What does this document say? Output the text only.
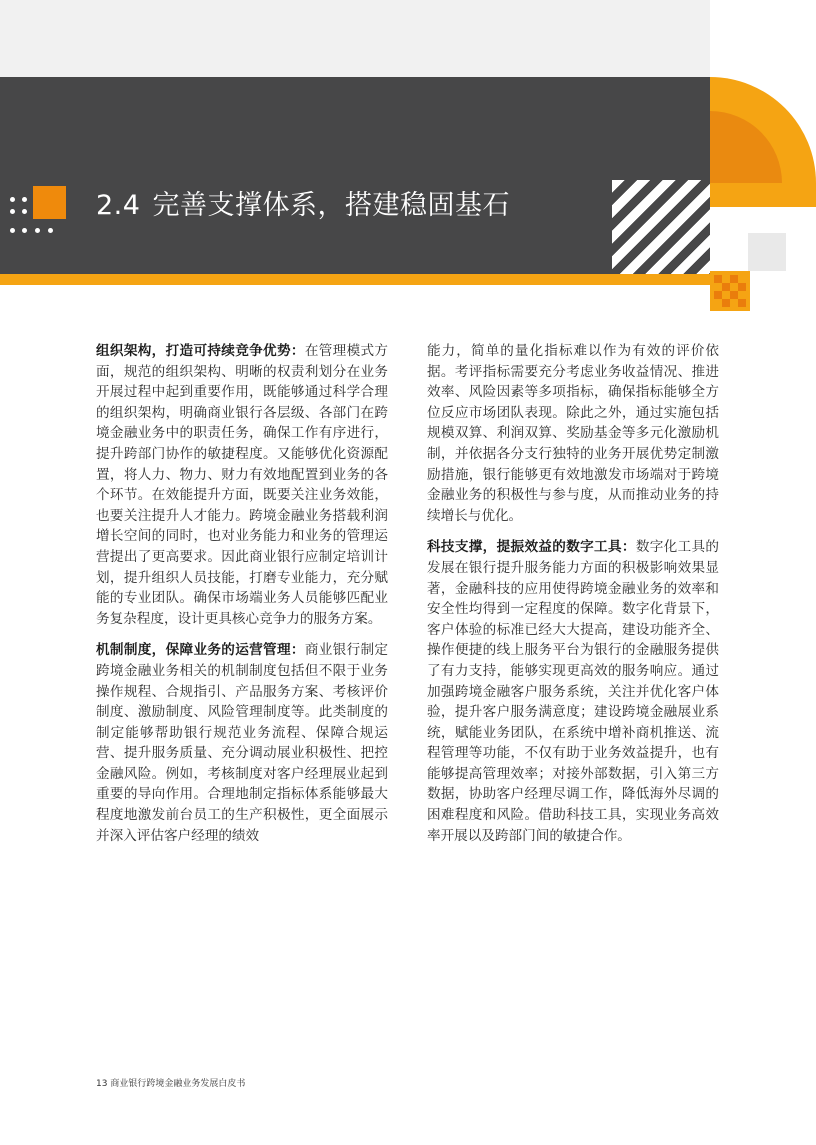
2.4 完善支撑体系，搭建稳固基石

组织架构，打造可持续竞争优势：在管理模式方面，规范的组织架构、明晰的权责利划分在业务开展过程中起到重要作用，既能够通过科学合理的组织架构，明确商业银行各层级、各部门在跨境金融业务中的职责任务，确保工作有序进行，提升跨部门协作的敏捷程度。又能够优化资源配置，将人力、物力、财力有效地配置到业务的各个环节。在效能提升方面，既要关注业务效能，也要关注提升人才能力。跨境金融业务搭载利润增长空间的同时，也对业务能力和业务的管理运营提出了更高要求。因此商业银行应制定培训计划，提升组织人员技能，打磨专业能力，充分赋能的专业团队。确保市场端业务人员能够匹配业务复杂程度，设计更具核心竞争力的服务方案。

机制制度，保障业务的运营管理：商业银行制定跨境金融业务相关的机制制度包括但不限于业务操作规程、合规指引、产品服务方案、考核评价制度、激励制度、风险管理制度等。此类制度的制定能够帮助银行规范业务流程、保障合规运营、提升服务质量、充分调动展业积极性、把控金融风险。例如，考核制度对客户经理展业起到重要的导向作用。合理地制定指标体系能够最大程度地激发前台员工的生产积极性，更全面展示并深入评估客户经理的绩效

能力，简单的量化指标难以作为有效的评价依据。考评指标需要充分考虑业务收益情况、推进效率、风险因素等多项指标，确保指标能够全方位反应市场团队表现。除此之外，通过实施包括规模双算、利润双算、奖励基金等多元化激励机制，并依据各分支行独特的业务开展优势定制激励措施，银行能够更有效地激发市场端对于跨境金融业务的积极性与参与度，从而推动业务的持续增长与优化。

科技支撑，提振效益的数字工具：数字化工具的发展在银行提升服务能力方面的积极影响效果显著，金融科技的应用使得跨境金融业务的效率和安全性均得到一定程度的保障。数字化背景下，客户体验的标准已经大大提高，建设功能齐全、操作便捷的线上服务平台为银行的金融服务提供了有力支持，能够实现更高效的服务响应。通过加强跨境金融客户服务系统，关注并优化客户体验，提升客户服务满意度；建设跨境金融展业系统，赋能业务团队，在系统中增补商机推送、流程管理等功能，不仅有助于业务效益提升，也有能够提高管理效率；对接外部数据，引入第三方数据，协助客户经理尽调工作，降低海外尽调的困难程度和风险。借助科技工具，实现业务高效率开展以及跨部门间的敏捷合作。

13 商业银行跨境金融业务发展白皮书
